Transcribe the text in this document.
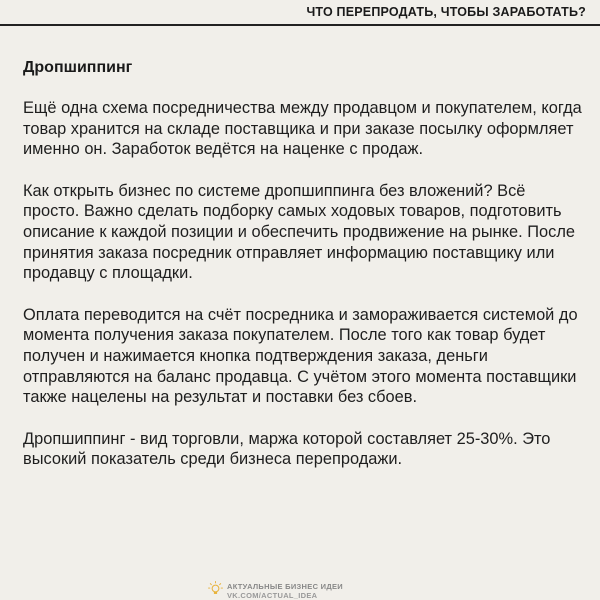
ЧТО ПЕРЕПРОДАТЬ, ЧТОБЫ ЗАРАБОТАТЬ?
Дропшиппинг

Ещё одна схема посредничества между продавцом и покупателем, когда товар хранится на складе поставщика и при заказе посылку оформляет именно он. Заработок ведётся на наценке с продаж.

Как открыть бизнес по системе дропшиппинга без вложений? Всё просто. Важно сделать подборку самых ходовых товаров, подготовить описание к каждой позиции и обеспечить продвижение на рынке. После принятия заказа посредник отправляет информацию поставщику или продавцу с площадки.

Оплата переводится на счёт посредника и замораживается системой до момента получения заказа покупателем. После того как товар будет получен и нажимается кнопка подтверждения заказа, деньги отправляются на баланс продавца. С учётом этого момента поставщики также нацелены на результат и поставки без сбоев.

Дропшиппинг - вид торговли, маржа которой составляет 25-30%. Это высокий показатель среди бизнеса перепродажи.

АКТУАЛЬНЫЕ БИЗНЕС ИДЕИ
VK.COM/ACTUAL_IDEA
